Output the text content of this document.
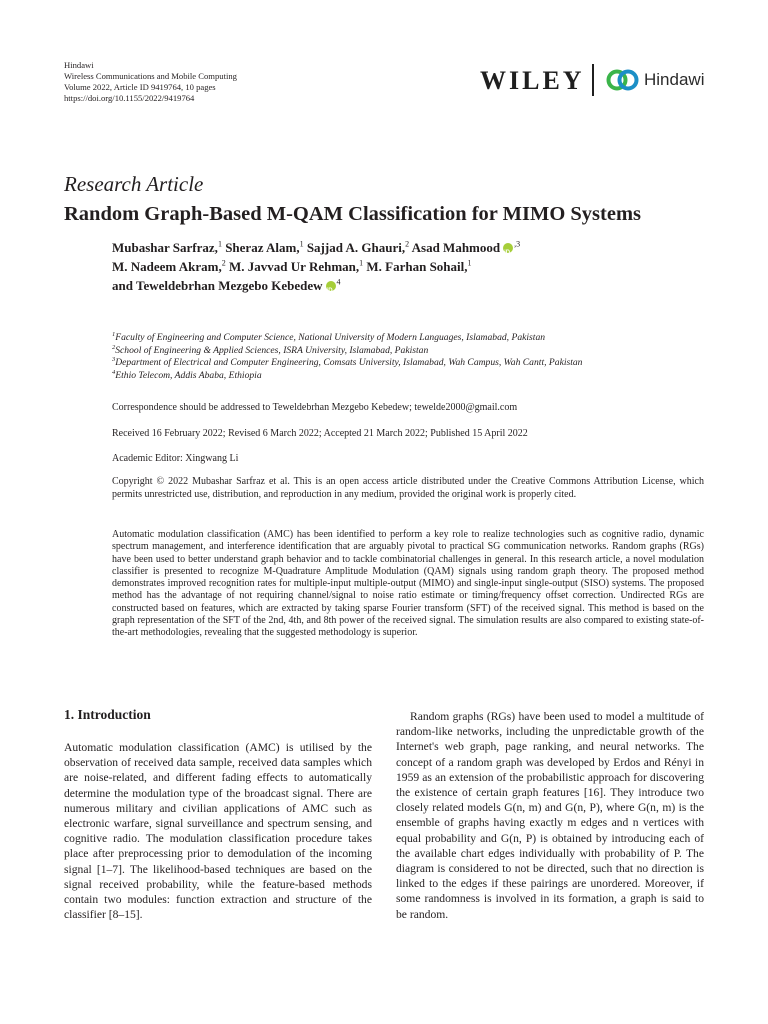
Hindawi
Wireless Communications and Mobile Computing
Volume 2022, Article ID 9419764, 10 pages
https://doi.org/10.1155/2022/9419764
WILEY	Hindawi
Research Article
Random Graph-Based M-QAM Classification for MIMO Systems
Mubashar Sarfraz,$^1$ Sheraz Alam,$^1$ Sajjad A. Ghauri,$^2$ Asad Mahmood iD $^{,3}$
M. Nadeem Akram,$^2$ M. Javvad Ur Rehman,$^1$ M. Farhan Sohail,$^1$
and Teweldebrhan Mezgebo Kebedew iD $^4$
$^1$Faculty of Engineering and Computer Science, National University of Modern Languages, Islamabad, Pakistan
$^2$School of Engineering & Applied Sciences, ISRA University, Islamabad, Pakistan
$^3$Department of Electrical and Computer Engineering, Comsats University, Islamabad, Wah Campus, Wah Cantt, Pakistan
$^4$Ethio Telecom, Addis Ababa, Ethiopia
Correspondence should be addressed to Teweldebrhan Mezgebo Kebedew; tewelde2000@gmail.com
Received 16 February 2022; Revised 6 March 2022; Accepted 21 March 2022; Published 15 April 2022
Academic Editor: Xingwang Li
Copyright © 2022 Mubashar Sarfraz et al. This is an open access article distributed under the Creative Commons Attribution License, which permits unrestricted use, distribution, and reproduction in any medium, provided the original work is properly cited.
Automatic modulation classification (AMC) has been identified to perform a key role to realize technologies such as cognitive radio, dynamic spectrum management, and interference identification that are arguably pivotal to practical SG communication networks. Random graphs (RGs) have been used to better understand graph behavior and to tackle combinatorial challenges in general. In this research article, a novel modulation classifier is presented to recognize M-Quadrature Amplitude Modulation (QAM) signals using random graph theory. The proposed method demonstrates improved recognition rates for multiple-input multiple-output (MIMO) and single-input single-output (SISO) systems. The proposed method has the advantage of not requiring channel/signal to noise ratio estimate or timing/frequency offset correction. Undirected RGs are constructed based on features, which are extracted by taking sparse Fourier transform (SFT) of the received signal. This method is based on the graph representation of the SFT of the 2nd, 4th, and 8th power of the received signal. The simulation results are also compared to existing state-of-the-art methodologies, revealing that the suggested methodology is superior.
1. Introduction

Automatic modulation classification (AMC) is utilised by the observation of received data sample, received data samples which are noise-related, and different fading effects to automatically determine the modulation type of the broadcast signal. There are numerous military and civilian applications of AMC such as electronic warfare, signal surveillance and spectrum sensing, and cognitive radio. The modulation classification procedure takes place after preprocessing prior to demodulation of the incoming signal [1–7]. The likelihood-based techniques are based on the signal received probability, while the feature-based methods contain two modules: function extraction and structure of the classifier [8–15].

Random graphs (RGs) have been used to model a multitude of random-like networks, including the unpredictable growth of the Internet's web graph, page ranking, and neural networks. The concept of a random graph was developed by Erdos and Rényi in 1959 as an extension of the probabilistic approach for discovering the existence of certain graph features [16]. They introduce two closely related models G(n, m) and G(n, P), where G(n, m) is the ensemble of graphs having exactly m edges and n vertices with equal probability and G(n, P) is obtained by introducing each of the available chart edges individually with probability of P. The diagram is considered to not be directed, such that no direction is linked to the edges if these pairings are unordered. Moreover, if some randomness is involved in its formation, a graph is said to be random.
